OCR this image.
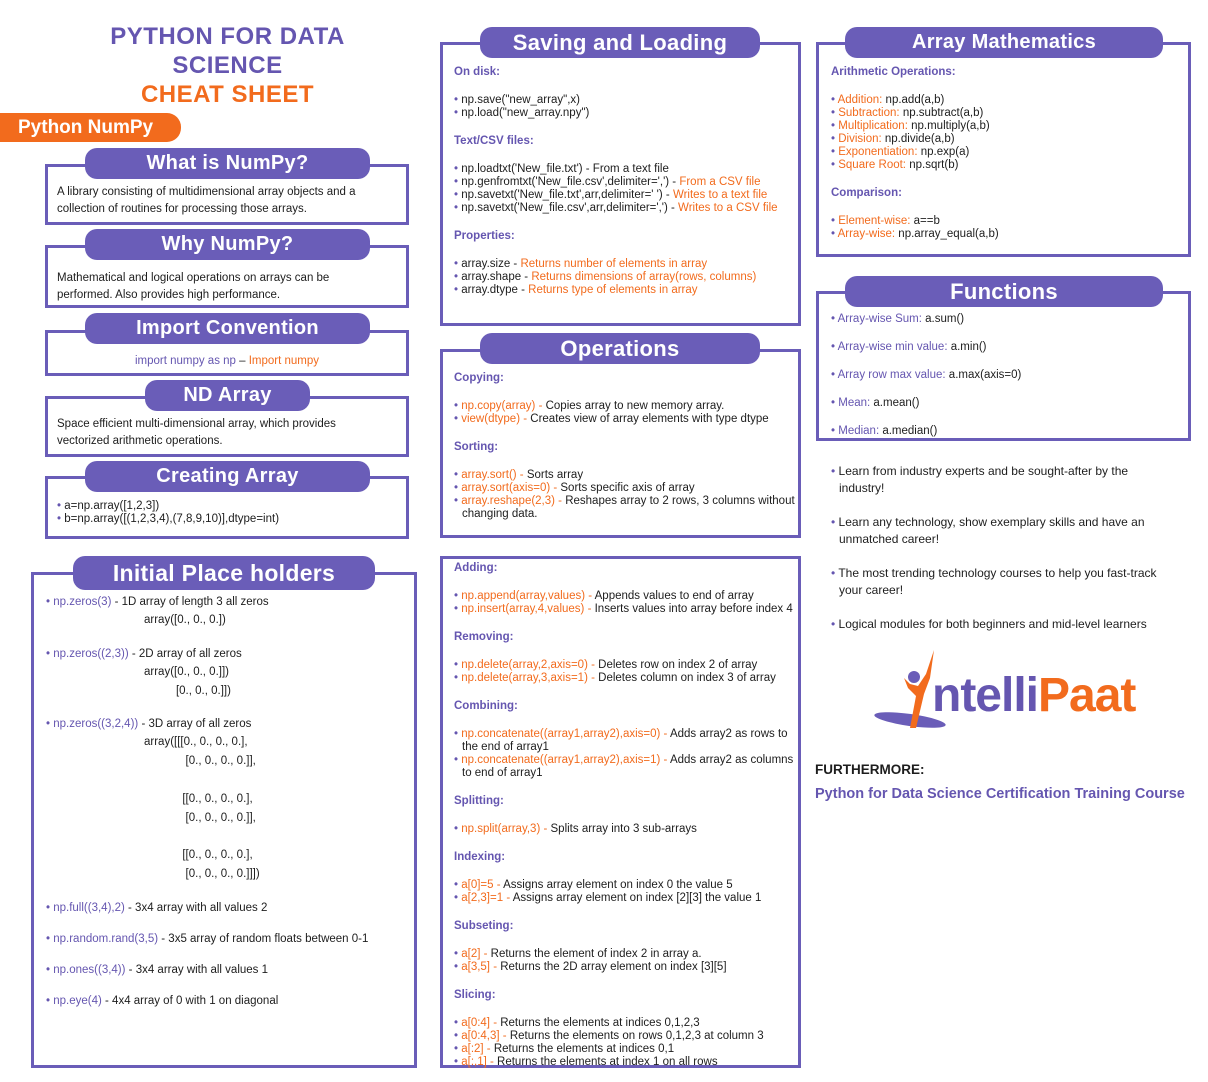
PYTHON FOR DATA
SCIENCE
CHEAT SHEET
Python NumPy
What is NumPy?
A library consisting of multidimensional array objects and a collection of routines for processing those arrays.
Why NumPy?
Mathematical and logical operations on arrays can be performed. Also provides high performance.
Import Convention
import numpy as np – Import numpy
ND Array
Space efficient multi-dimensional array, which provides vectorized arithmetic operations.
Creating Array
• a=np.array([1,2,3])
• b=np.array([(1,2,3,4),(7,8,9,10)],dtype=int)
Initial Place holders
• np.zeros(3) - 1D array of length 3 all zeros
array([0., 0., 0.])
• np.zeros((2,3)) - 2D array of all zeros
array([0., 0., 0.]])
[0., 0., 0.]])
• np.zeros((3,2,4)) - 3D array of all zeros
array([[[0., 0., 0., 0.],
[0., 0., 0., 0.]],

[[0., 0., 0., 0.],
[0., 0., 0., 0.]],

[[0., 0., 0., 0.],
[0., 0., 0., 0.]]])
• np.full((3,4),2) - 3x4 array with all values 2
• np.random.rand(3,5) - 3x5 array of random floats between 0-1
• np.ones((3,4)) - 3x4 array with all values 1
• np.eye(4) - 4x4 array of 0 with 1 on diagonal
Saving and Loading
On disk:
• np.save("new_array",x)
• np.load("new_array.npy")
Text/CSV files:
• np.loadtxt('New_file.txt') - From a text file
• np.genfromtxt('New_file.csv',delimiter=',') - From a CSV file
• np.savetxt('New_file.txt',arr,delimiter=' ') - Writes to a text file
• np.savetxt('New_file.csv',arr,delimiter=',') - Writes to a CSV file
Properties:
• array.size - Returns number of elements in array
• array.shape - Returns dimensions of array(rows, columns)
• array.dtype - Returns type of elements in array
Operations
Copying:
• np.copy(array) - Copies array to new memory array.
• view(dtype) - Creates view of array elements with type dtype
Sorting:
• array.sort() - Sorts array
• array.sort(axis=0) - Sorts specific axis of array
• array.reshape(2,3) - Reshapes array to 2 rows, 3 columns without changing data.
Adding:
• np.append(array,values) - Appends values to end of array
• np.insert(array,4,values) - Inserts values into array before index 4
Removing:
• np.delete(array,2,axis=0) - Deletes row on index 2 of array
• np.delete(array,3,axis=1) - Deletes column on index 3 of array
Combining:
• np.concatenate((array1,array2),axis=0) - Adds array2 as rows to the end of array1
• np.concatenate((array1,array2),axis=1) - Adds array2 as columns to end of array1
Splitting:
• np.split(array,3) - Splits array into 3 sub-arrays
Indexing:
• a[0]=5 - Assigns array element on index 0 the value 5
• a[2,3]=1 - Assigns array element on index [2][3] the value 1
Subseting:
• a[2] - Returns the element of index 2 in array a.
• a[3,5] - Returns the 2D array element on index [3][5]
Slicing:
• a[0:4] - Returns the elements at indices 0,1,2,3
• a[0:4,3] - Returns the elements on rows 0,1,2,3 at column 3
• a[:2] - Returns the elements at indices 0,1
• a[:,1] - Returns the elements at index 1 on all rows
Array Mathematics
Arithmetic Operations:
• Addition: np.add(a,b)
• Subtraction: np.subtract(a,b)
• Multiplication: np.multiply(a,b)
• Division: np.divide(a,b)
• Exponentiation: np.exp(a)
• Square Root: np.sqrt(b)
Comparison:
• Element-wise: a==b
• Array-wise: np.array_equal(a,b)
Functions
• Array-wise Sum: a.sum()
• Array-wise min value: a.min()
• Array row max value: a.max(axis=0)
• Mean: a.mean()
• Median: a.median()
• Learn from industry experts and be sought-after by the industry!
• Learn any technology, show exemplary skills and have an unmatched career!
• The most trending technology courses to help you fast-track your career!
• Logical modules for both beginners and mid-level learners
ntelliPaat
FURTHERMORE:
Python for Data Science Certification Training Course
